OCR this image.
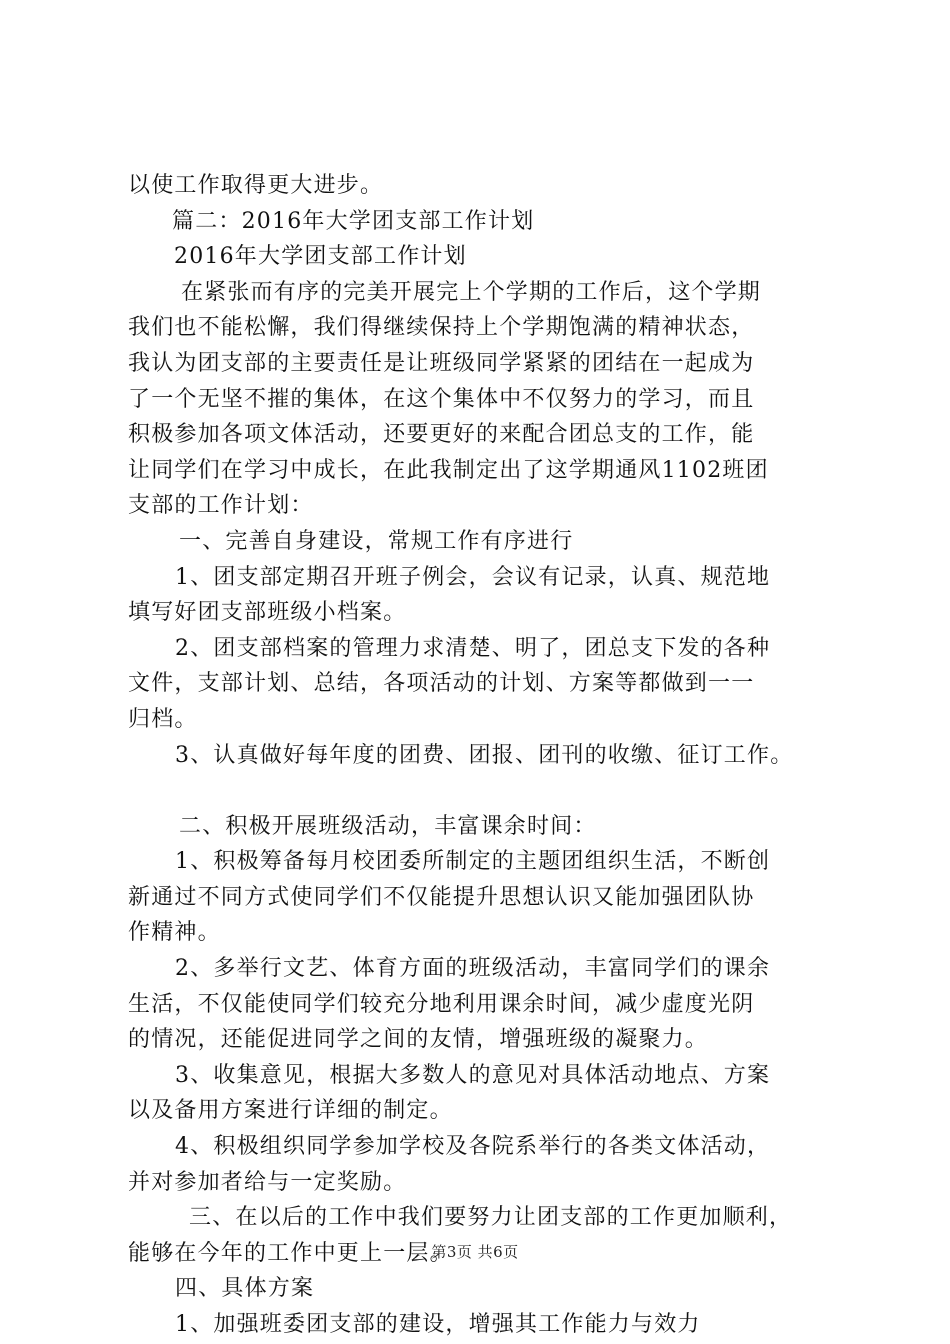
以使工作取得更大进步。
篇二：2016年大学团支部工作计划
2016年大学团支部工作计划
在紧张而有序的完美开展完上个学期的工作后，这个学期
我们也不能松懈，我们得继续保持上个学期饱满的精神状态，
我认为团支部的主要责任是让班级同学紧紧的团结在一起成为
了一个无坚不摧的集体，在这个集体中不仅努力的学习，而且
积极参加各项文体活动，还要更好的来配合团总支的工作，能
让同学们在学习中成长，在此我制定出了这学期通风1102班团
支部的工作计划：
一、完善自身建设，常规工作有序进行
1、团支部定期召开班子例会，会议有记录，认真、规范地
填写好团支部班级小档案。
2、团支部档案的管理力求清楚、明了，团总支下发的各种
文件，支部计划、总结，各项活动的计划、方案等都做到一一
归档。
3、认真做好每年度的团费、团报、团刊的收缴、征订工作。
二、积极开展班级活动，丰富课余时间：
1、积极筹备每月校团委所制定的主题团组织生活，不断创
新通过不同方式使同学们不仅能提升思想认识又能加强团队协
作精神。
2、多举行文艺、体育方面的班级活动，丰富同学们的课余
生活，不仅能使同学们较充分地利用课余时间，减少虚度光阴
的情况，还能促进同学之间的友情，增强班级的凝聚力。
3、收集意见，根据大多数人的意见对具体活动地点、方案
以及备用方案进行详细的制定。
4、积极组织同学参加学校及各院系举行的各类文体活动，
并对参加者给与一定奖励。
三、在以后的工作中我们要努力让团支部的工作更加顺利，
能够在今年的工作中更上一层。
四、具体方案
1、加强班委团支部的建设，增强其工作能力与效力
第3页 共6页
